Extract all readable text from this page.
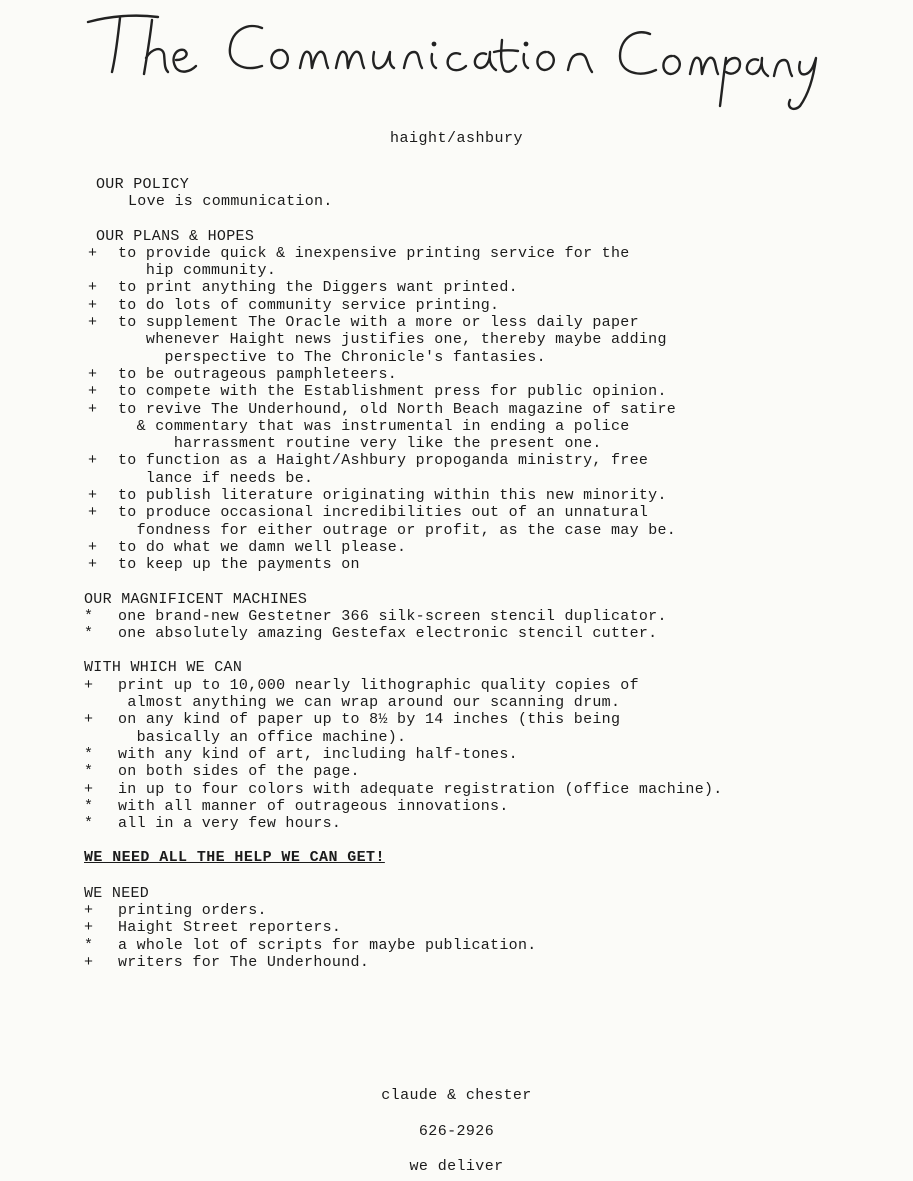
haight/ashbury

OUR POLICY

Love is communication.

OUR PLANS & HOPES

+	to provide quick & inexpensive printing service for the
hip community.
+	to print anything the Diggers want printed.
+	to do lots of community service printing.
+	to supplement The Oracle with a more or less daily paper
whenever Haight news justifies one, thereby maybe adding
perspective to The Chronicle's fantasies.
+	to be outrageous pamphleteers.
+	to compete with the Establishment press for public opinion.
+	to revive The Underhound, old North Beach magazine of satire
& commentary that was instrumental in ending a police
harrassment routine very like the present one.
+	to function as a Haight/Ashbury propoganda ministry, free
lance if needs be.
+	to publish literature originating within this new minority.
+	to produce occasional incredibilities out of an unnatural
fondness for either outrage or profit, as the case may be.
+	to do what we damn well please.
+	to keep up the payments on

OUR MAGNIFICENT MACHINES

*	one brand-new Gestetner 366 silk-screen stencil duplicator.
*	one absolutely amazing Gestefax electronic stencil cutter.

WITH WHICH WE CAN

+	print up to 10,000 nearly lithographic quality copies of
almost anything we can wrap around our scanning drum.
+	on any kind of paper up to 8½ by 14 inches (this being
basically an office machine).
*	with any kind of art, including half-tones.
*	on both sides of the page.
+	in up to four colors with adequate registration (office machine).
*	with all manner of outrageous innovations.
*	all in a very few hours.

WE NEED ALL THE HELP WE CAN GET!

WE NEED

+	printing orders.
+	Haight Street reporters.
*	a whole lot of scripts for maybe publication.
+	writers for The Underhound.
claude & chester
626-2926
we deliver
